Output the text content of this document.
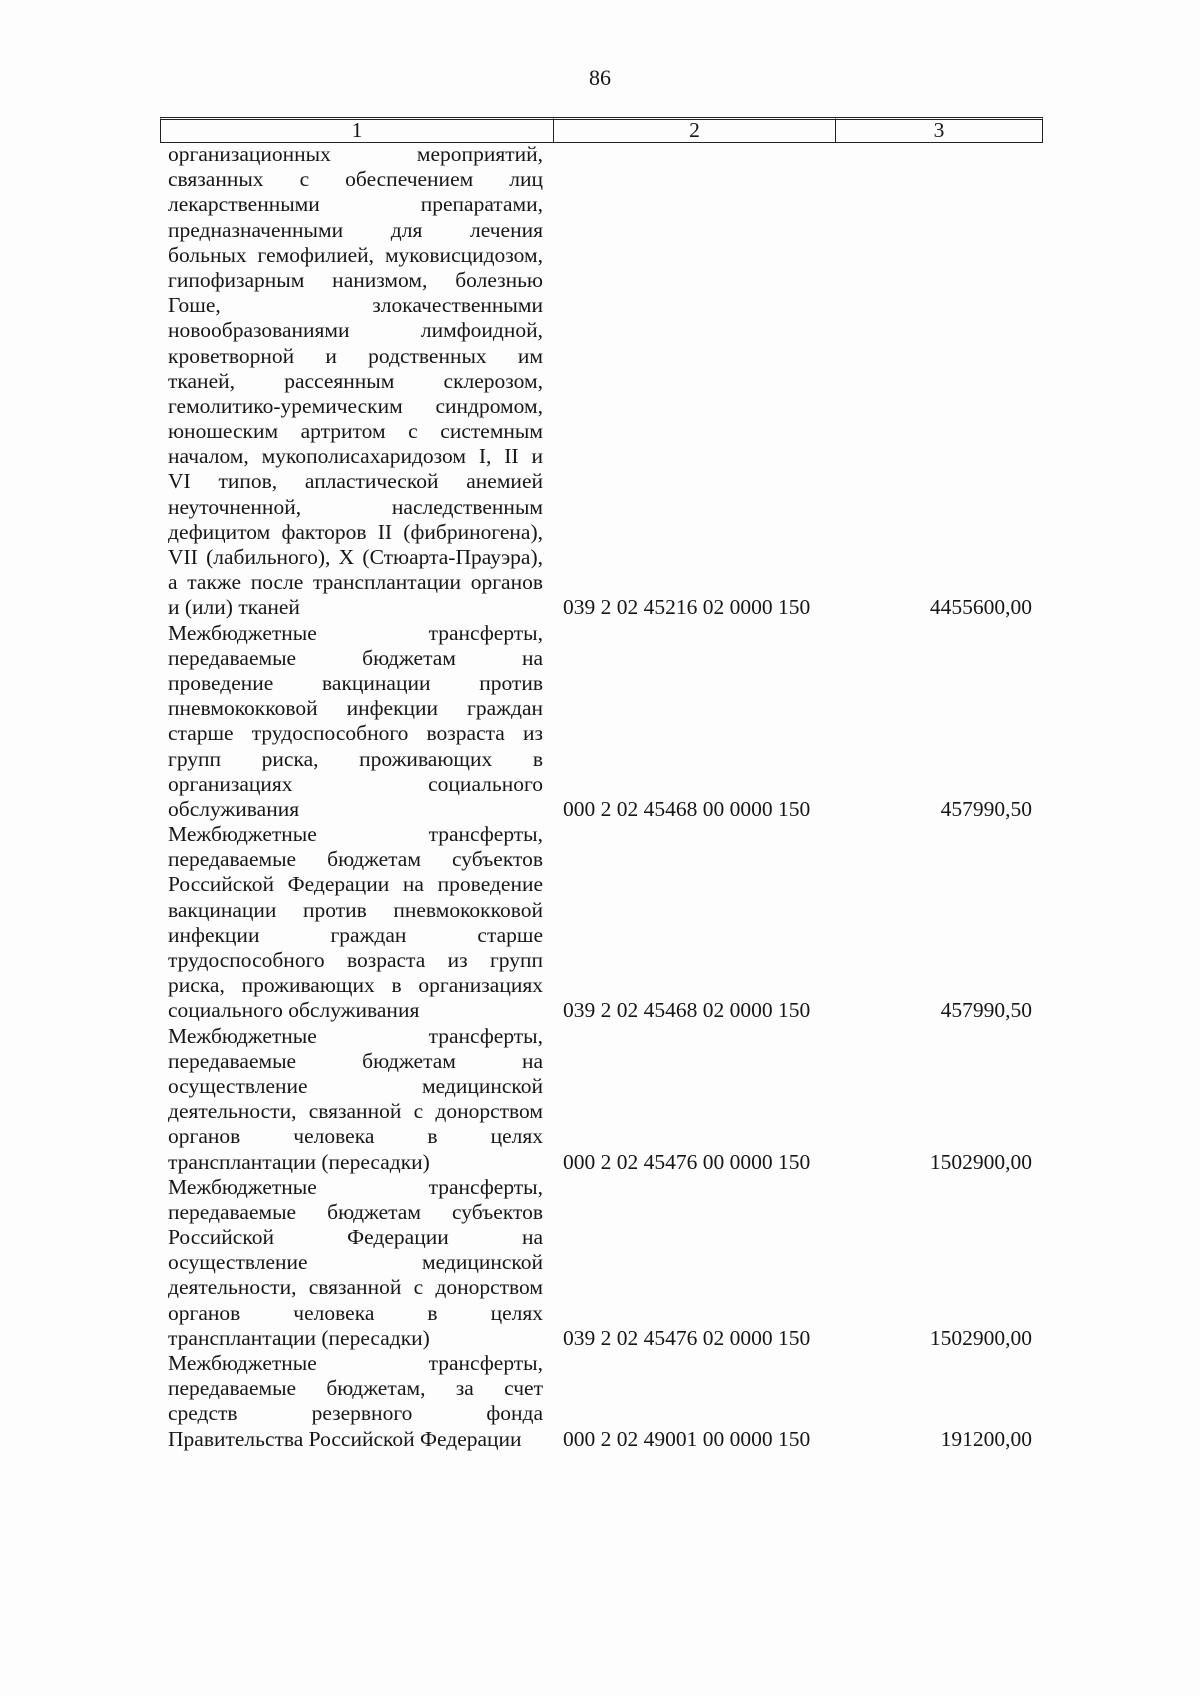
86
1	2	3
организационных мероприятий,
связанных с обеспечением лиц
лекарственными препаратами,
предназначенными для лечения
больных гемофилией, муковисцидозом,
гипофизарным нанизмом, болезнью
Гоше, злокачественными
новообразованиями лимфоидной,
кроветворной и родственных им
тканей, рассеянным склерозом,
гемолитико-уремическим синдромом,
юношеским артритом с системным
началом, мукополисахаридозом I, II и
VI типов, апластической анемией
неуточненной, наследственным
дефицитом факторов II (фибриногена),
VII (лабильного), X (Стюарта-Прауэра),
а также после трансплантации органов
и (или) тканей	039 2 02 45216 02 0000 150	4455600,00
Межбюджетные трансферты,
передаваемые бюджетам на
проведение вакцинации против
пневмококковой инфекции граждан
старше трудоспособного возраста из
групп риска, проживающих в
организациях социального
обслуживания	000 2 02 45468 00 0000 150	457990,50
Межбюджетные трансферты,
передаваемые бюджетам субъектов
Российской Федерации на проведение
вакцинации против пневмококковой
инфекции граждан старше
трудоспособного возраста из групп
риска, проживающих в организациях
социального обслуживания	039 2 02 45468 02 0000 150	457990,50
Межбюджетные трансферты,
передаваемые бюджетам на
осуществление медицинской
деятельности, связанной с донорством
органов человека в целях
трансплантации (пересадки)	000 2 02 45476 00 0000 150	1502900,00
Межбюджетные трансферты,
передаваемые бюджетам субъектов
Российской Федерации на
осуществление медицинской
деятельности, связанной с донорством
органов человека в целях
трансплантации (пересадки)	039 2 02 45476 02 0000 150	1502900,00
Межбюджетные трансферты,
передаваемые бюджетам, за счет
средств резервного фонда
Правительства Российской Федерации	000 2 02 49001 00 0000 150	191200,00
